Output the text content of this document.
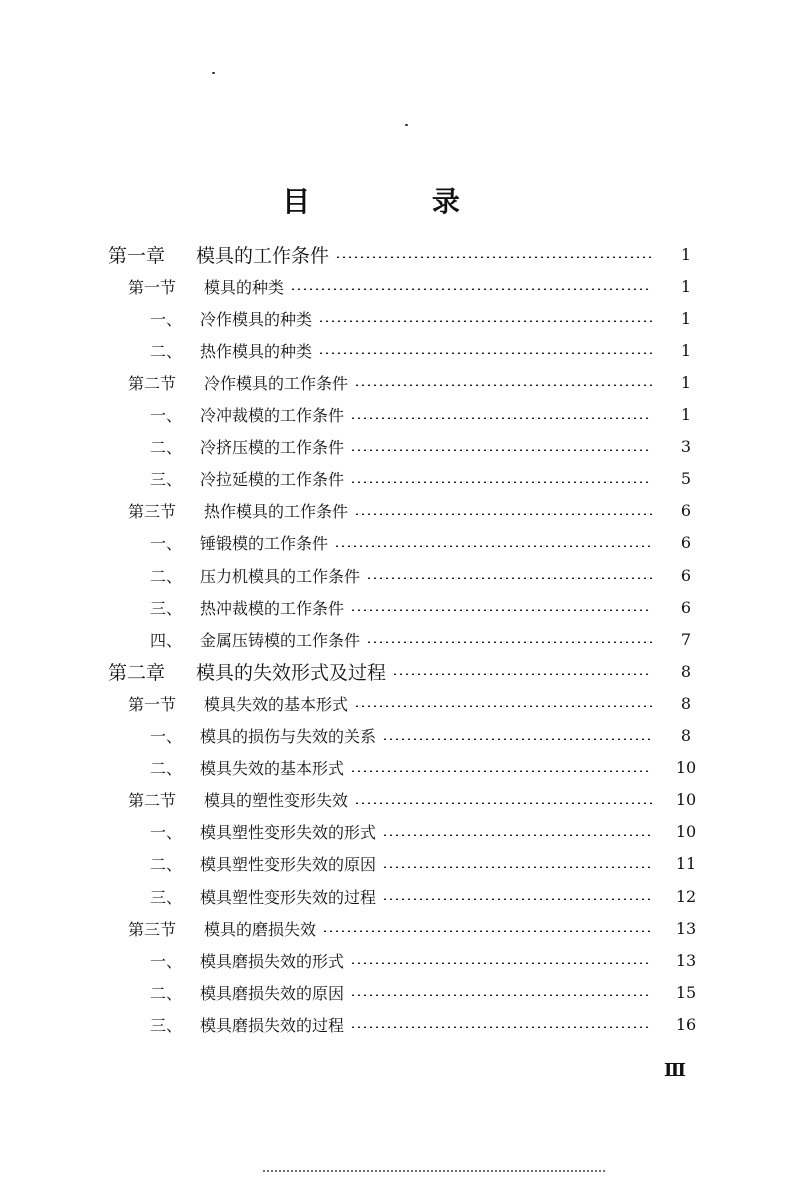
目 录
第一章	模具的工作条件	1
第一节	模具的种类	1
一、	冷作模具的种类	1
二、	热作模具的种类	1
第二节	冷作模具的工作条件	1
一、	冷冲裁模的工作条件	1
二、	冷挤压模的工作条件	3
三、	冷拉延模的工作条件	5
第三节	热作模具的工作条件	6
一、	锤锻模的工作条件	6
二、	压力机模具的工作条件	6
三、	热冲裁模的工作条件	6
四、	金属压铸模的工作条件	7
第二章	模具的失效形式及过程	8
第一节	模具失效的基本形式	8
一、	模具的损伤与失效的关系	8
二、	模具失效的基本形式	10
第二节	模具的塑性变形失效	10
一、	模具塑性变形失效的形式	10
二、	模具塑性变形失效的原因	11
三、	模具塑性变形失效的过程	12
第三节	模具的磨损失效	13
一、	模具磨损失效的形式	13
二、	模具磨损失效的原因	15
三、	模具磨损失效的过程	16
Ⅲ
